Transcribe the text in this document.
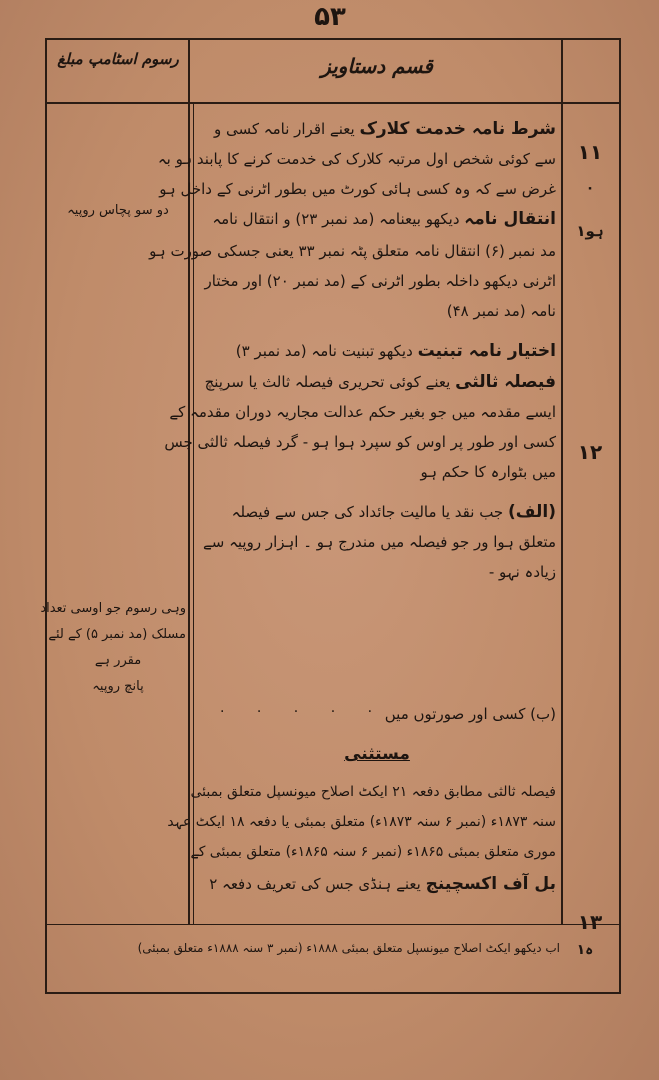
۵۳
رسوم اسٹامپ مبلغ	قسم دستاویز
۱۱
۰
۱ہو
۱۲
۱۳
۱ہ
شرط نامہ خدمت کلارک یعنے اقرار نامہ کسی و
سے کوئی شخص اول مرتبہ کلارک کی خدمت کرنے کا پابند ہو بہ
غرض سے کہ وہ کسی ہائی کورٹ میں بطور اٹرنی کے داخل ہو
انتقال نامہ دیکھو بیعنامہ (مد نمبر ۲۳) و انتقال نامہ
مد نمبر (۶) انتقال نامہ متعلق پٹہ نمبر ۳۳ یعنی جسکی صورت ہو
اٹرنی دیکھو داخلہ بطور اٹرنی کے (مد نمبر ۲۰) اور مختار
نامہ (مد نمبر ۴۸)
اختیار نامہ تبنیت دیکھو تبنیت نامہ (مد نمبر ۳)
فیصلہ ثالثی یعنے کوئی تحریری فیصلہ ثالث یا سرپنچ
ایسے مقدمہ میں جو بغیر حکم عدالت مجاریہ دوران مقدمہ کے
کسی اور طور پر اوس کو سپرد ہوا ہو - گرد فیصلہ ثالثی جس
میں بٹوارہ کا حکم ہو
(الف) جب نقد یا مالیت جائداد کی جس سے فیصلہ
متعلق ہوا ور جو فیصلہ میں مندرج ہو ۔ اہزار روپیہ سے
زیادہ نہو -
(ب) کسی اور صورتوں میں
. . . . .
مستثنی
فیصلہ ثالثی مطابق دفعہ ۲۱ ایکٹ اصلاح میونسپل متعلق بمبئی
سنہ ۱۸۷۳ء (نمبر ۶ سنہ ۱۸۷۳ء) متعلق بمبئی یا دفعہ ۱۸ ایکٹ عہد
موری متعلق بمبئی ۱۸۶۵ء (نمبر ۶ سنہ ۱۸۶۵ء) متعلق بمبئی کے
بل آف اکسچینج یعنے ہنڈی جس کی تعریف دفعہ ۲
دو سو پچاس روپیہ
وہی رسوم جو اوسی تعداد
مسلک (مد نمبر ۵) کے لئے
مقرر ہے
پانچ روپیہ
اب دیکھو ایکٹ اصلاح میونسپل متعلق بمبئی ۱۸۸۸ء (نمبر ۳ سنہ ۱۸۸۸ء متعلق بمبئی)
